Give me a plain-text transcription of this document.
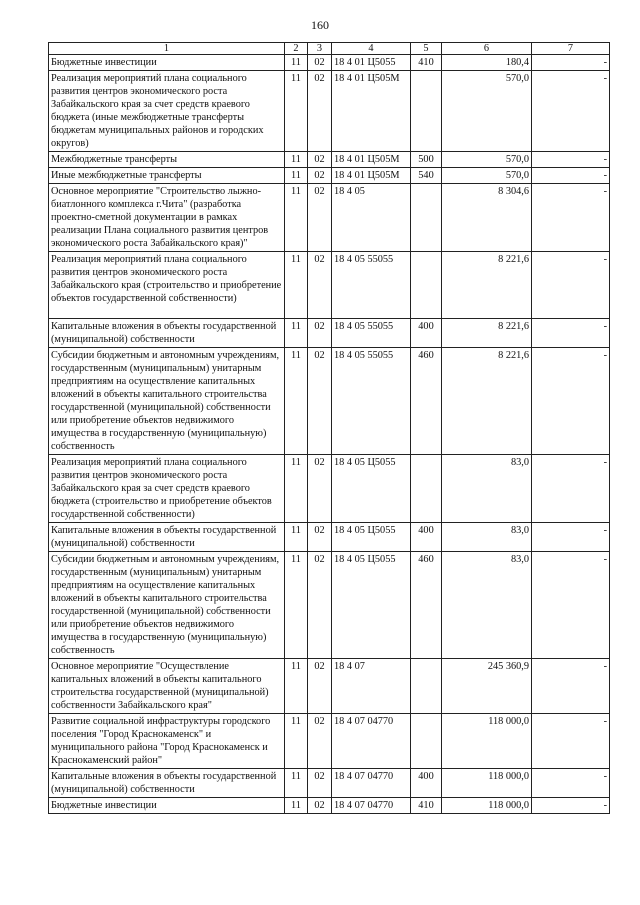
160
1	2	3	4	5	6	7
Бюджетные инвестиции	11	02	18 4 01 Ц5055	410	180,4	-
Реализация мероприятий плана социального развития центров экономического роста Забайкальского края за счет средств краевого бюджета (иные межбюджетные трансферты бюджетам муниципальных районов и городских округов)	11	02	18 4 01 Ц505М		570,0	-
Межбюджетные трансферты	11	02	18 4 01 Ц505М	500	570,0	-
Иные межбюджетные трансферты	11	02	18 4 01 Ц505М	540	570,0	-
Основное мероприятие "Строительство лыжно-биатлонного комплекса г.Чита" (разработка проектно-сметной документации в рамках реализации Плана социального развития центров экономического роста Забайкальского края)"	11	02	18 4 05		8 304,6	-
Реализация мероприятий плана социального развития центров экономического роста Забайкальского края (строительство и приобретение объектов государственной собственности)	11	02	18 4 05 55055		8 221,6	-
Капитальные вложения в объекты государственной (муниципальной) собственности	11	02	18 4 05 55055	400	8 221,6	-
Субсидии бюджетным и автономным учреждениям, государственным (муниципальным) унитарным предприятиям на осуществление капитальных вложений в объекты капитального строительства государственной (муниципальной) собственности или приобретение объектов недвижимого имущества в государственную (муниципальную) собственность	11	02	18 4 05 55055	460	8 221,6	-
Реализация мероприятий плана социального развития центров экономического роста Забайкальского края за счет средств краевого бюджета (строительство и приобретение объектов государственной собственности)	11	02	18 4 05 Ц5055		83,0	-
Капитальные вложения в объекты государственной (муниципальной) собственности	11	02	18 4 05 Ц5055	400	83,0	-
Субсидии бюджетным и автономным учреждениям, государственным (муниципальным) унитарным предприятиям на осуществление капитальных вложений в объекты капитального строительства государственной (муниципальной) собственности или приобретение объектов недвижимого имущества в государственную (муниципальную) собственность	11	02	18 4 05 Ц5055	460	83,0	-
Основное мероприятие "Осуществление капитальных вложений в объекты капитального строительства государственной (муниципальной) собственности Забайкальского края"	11	02	18 4 07		245 360,9	-
Развитие социальной инфраструктуры городского поселения "Город Краснокаменск" и муниципального района "Город Краснокаменск и Краснокаменский район"	11	02	18 4 07 04770		118 000,0	-
Капитальные вложения в объекты государственной (муниципальной) собственности	11	02	18 4 07 04770	400	118 000,0	-
Бюджетные инвестиции	11	02	18 4 07 04770	410	118 000,0	-
